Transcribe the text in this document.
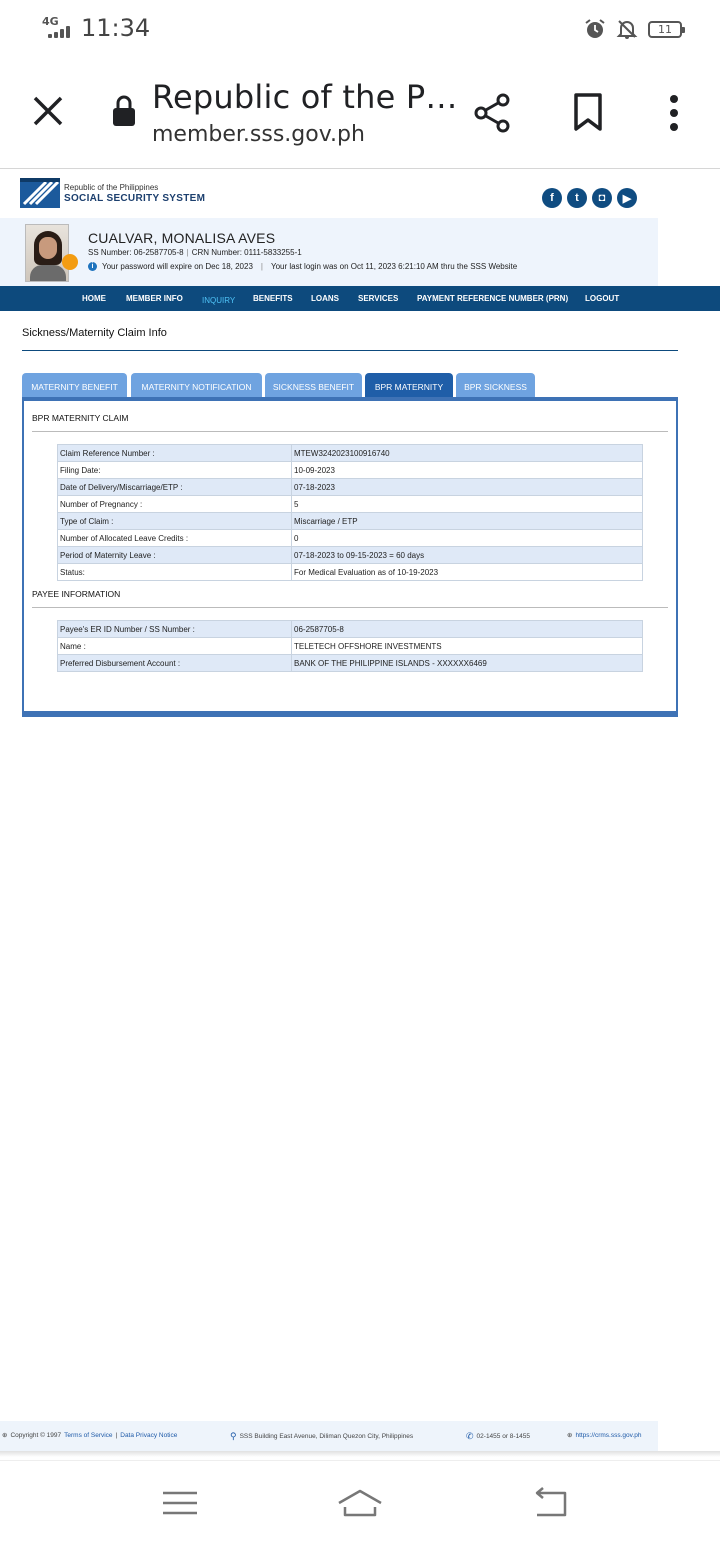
4G 11:34	11
Republic of the P…
member.sss.gov.ph
Republic of the Philippines
SOCIAL SECURITY SYSTEM	f	t	◘	▶
CUALVAR, MONALISA AVES
SS Number: 06-2587705-8 | CRN Number: 0111-5833255-1
i	Your password will expire on Dec 18, 2023	|	Your last login was on Oct 11, 2023 6:21:10 AM thru the SSS Website
HOME	MEMBER INFO INQUIRY BENEFITS LOANS SERVICES PAYMENT REFERENCE NUMBER (PRN) LOGOUT
Sickness/Maternity Claim Info
MATERNITY BENEFIT	MATERNITY NOTIFICATION	SICKNESS BENEFIT	BPR MATERNITY	BPR SICKNESS
BPR MATERNITY CLAIM
Claim Reference Number :	MTEW3242023100916740
Filing Date:	10-09-2023
Date of Delivery/Miscarriage/ETP :	07-18-2023
Number of Pregnancy :	5
Type of Claim :	Miscarriage / ETP
Number of Allocated Leave Credits :	0
Period of Maternity Leave :	07-18-2023 to 09-15-2023 = 60 days
Status:	For Medical Evaluation as of 10-19-2023
PAYEE INFORMATION
Payee's ER ID Number / SS Number :	06-2587705-8
Name :	TELETECH OFFSHORE INVESTMENTS
Preferred Disbursement Account :	BANK OF THE PHILIPPINE ISLANDS - XXXXXX6469
⊕ Copyright © 1997 Terms of Service | Data Privacy Notice	⚲ SSS Building East Avenue, Diliman Quezon City, Philippines	✆ 02-1455 or 8-1455	⊕ https://crms.sss.gov.ph
